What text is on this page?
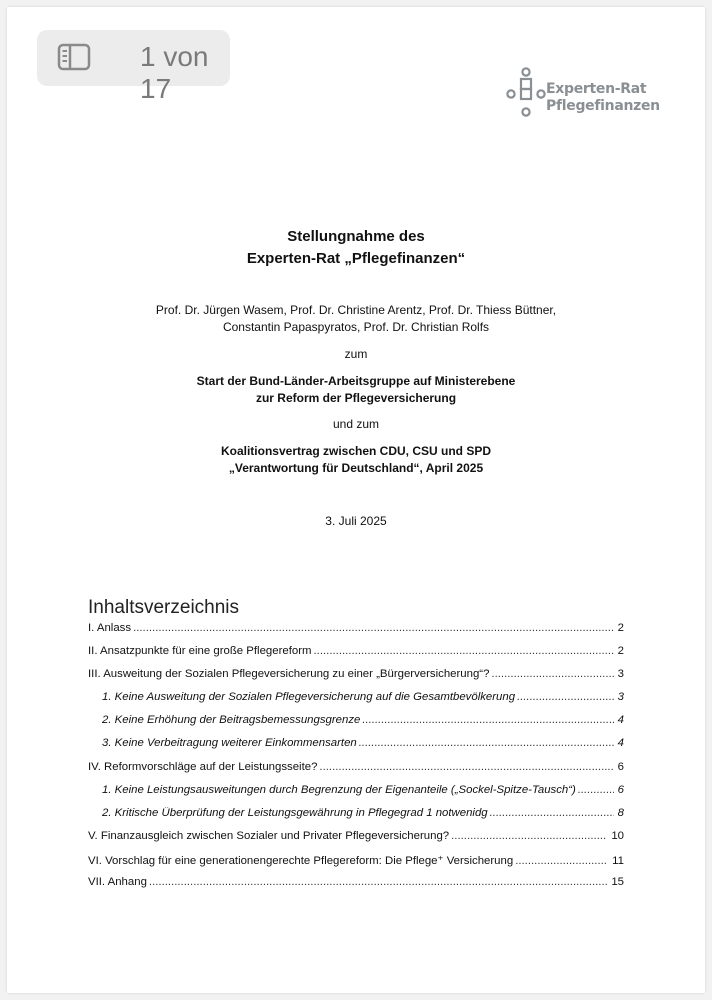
1 von 17	Experten-Rat
Pflegefinanzen
Stellungnahme des
Experten-Rat „Pflegefinanzen“
Prof. Dr. Jürgen Wasem, Prof. Dr. Christine Arentz, Prof. Dr. Thiess Büttner,
Constantin Papaspyratos, Prof. Dr. Christian Rolfs
zum
Start der Bund-Länder-Arbeitsgruppe auf Ministerebene
zur Reform der Pflegeversicherung
und zum
Koalitionsvertrag zwischen CDU, CSU und SPD
„Verantwortung für Deutschland“, April 2025
3. Juli 2025
Inhaltsverzeichnis
I. Anlass .....	2
II. Ansatzpunkte für eine große Pflegereform .....	2
III. Ausweitung der Sozialen Pflegeversicherung zu einer „Bürgerversicherung“? .....	3
1. Keine Ausweitung der Sozialen Pflegeversicherung auf die Gesamtbevölkerung .....	3
2. Keine Erhöhung der Beitragsbemessungsgrenze .....	4
3. Keine Verbeitragung weiterer Einkommensarten .....	4
IV. Reformvorschläge auf der Leistungsseite? .....	6
1. Keine Leistungsausweitungen durch Begrenzung der Eigenanteile („Sockel-Spitze-Tausch“) .....	6
2. Kritische Überprüfung der Leistungsgewährung in Pflegegrad 1 notwenidg .....	8
V. Finanzausgleich zwischen Sozialer und Privater Pflegeversicherung? .....	10
VI. Vorschlag für eine generationengerechte Pflegereform: Die Pflege⁺ Versicherung .....	11
VII. Anhang .....	15
